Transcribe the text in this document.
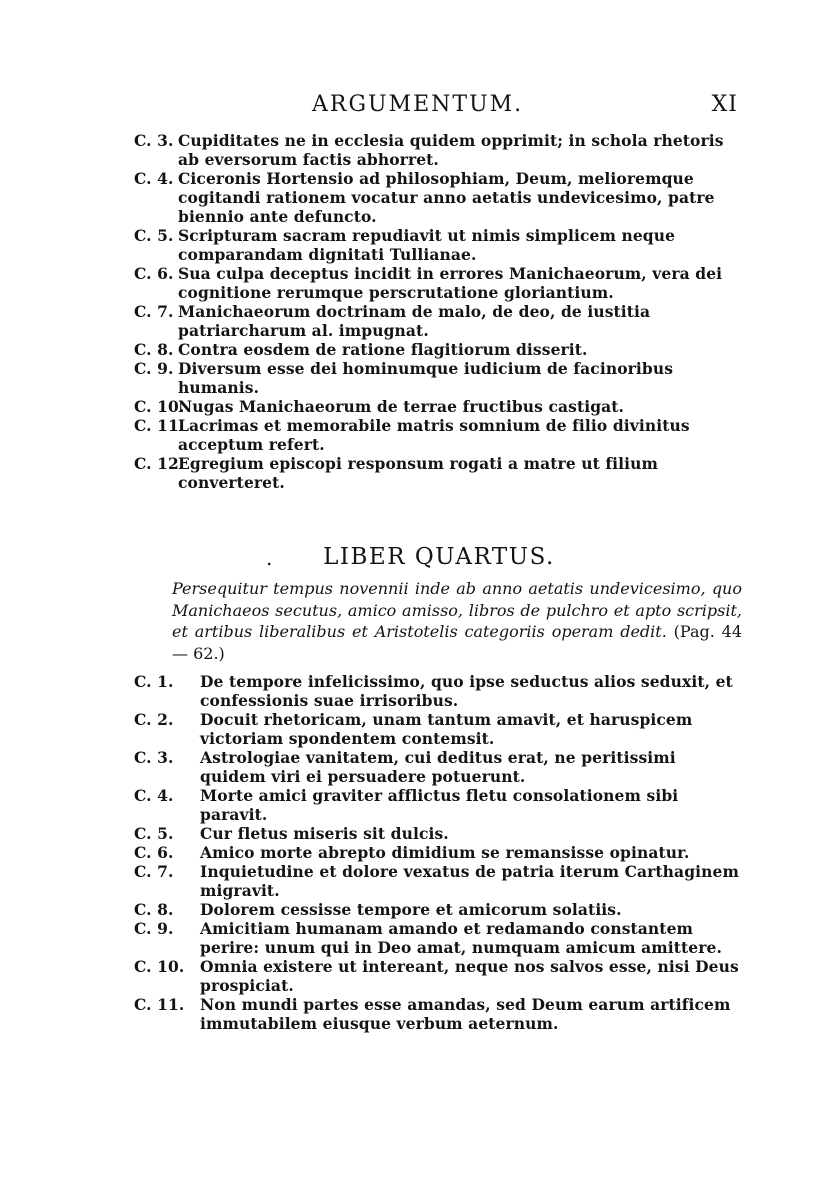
ARGUMENTUM.	XI

C. 3. Cupiditates ne in ecclesia quidem opprimit; in schola rhetoris ab eversorum factis abhorret.

C. 4. Ciceronis Hortensio ad philosophiam, Deum, melioremque cogitandi rationem vocatur anno aetatis undevicesimo, patre biennio ante defuncto.

C. 5. Scripturam sacram repudiavit ut nimis simplicem neque comparandam dignitati Tullianae.

C. 6. Sua culpa deceptus incidit in errores Manichaeorum, vera dei cognitione rerumque perscrutatione gloriantium.

C. 7. Manichaeorum doctrinam de malo, de deo, de iustitia patriarcharum al. impugnat.

C. 8. Contra eosdem de ratione flagitiorum disserit.

C. 9. Diversum esse dei hominumque iudicium de facinoribus humanis.

C. 10.
Nugas Manichaeorum de terrae fructibus castigat.

C. 11.
Lacrimas et memorabile matris somnium de filio divinitus acceptum refert.

C. 12.
Egregium episcopi responsum rogati a matre ut filium converteret.

. LIBER QUARTUS.
Persequitur tempus novennii inde ab anno aetatis undevicesimo, quo Manichaeos secutus, amico amisso, libros de pulchro et apto scripsit, et artibus liberalibus et Aristotelis categoriis operam dedit. (Pag. 44 — 62.)

C. 1.	De tempore infelicissimo, quo ipse seductus alios seduxit, et confessionis suae irrisoribus.

C. 2.	Docuit rhetoricam, unam tantum amavit, et haruspicem victoriam spondentem contemsit.

C. 3.	Astrologiae vanitatem, cui deditus erat, ne peritissimi quidem viri ei persuadere potuerunt.

C. 4.	Morte amici graviter afflictus fletu consolationem sibi paravit.

C. 5.	Cur fletus miseris sit dulcis.

C. 6.	Amico morte abrepto dimidium se remansisse opinatur.

C. 7.	Inquietudine et dolore vexatus de patria iterum Carthaginem migravit.

C. 8.	Dolorem cessisse tempore et amicorum solatiis.

C. 9.	Amicitiam humanam amando et redamando constantem perire: unum qui in Deo amat, numquam amicum amittere.

C. 10.	Omnia existere ut intereant, neque nos salvos esse, nisi Deus prospiciat.

C. 11.	Non mundi partes esse amandas, sed Deum earum artificem immutabilem eiusque verbum aeternum.
